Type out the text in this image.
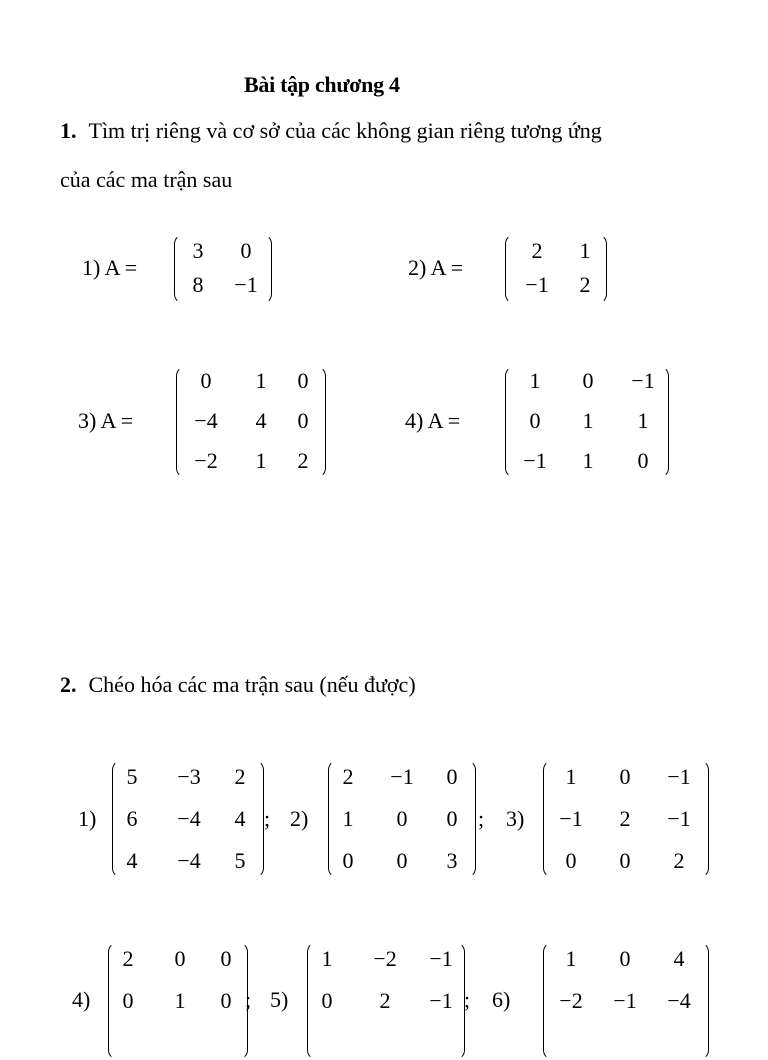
Bài tập chương 4
1. Tìm trị riêng và cơ sở của các không gian riêng tương ứng
của các ma trận sau
1) A =
3	0
8	−1
2) A =
2	1
−1	2
3) A =
0	1	0
−4	4	0
−2	1	2
4) A =
1	0	−1
0	1	1
−1	1	0
2. Chéo hóa các ma trận sau (nếu được)
1)
5	−3	2
6	−4	4
4	−4	5
; 2)
2	−1	0
1	0	0
0	0	3
; 3)
1	0	−1
−1	2	−1
0	0	2
4)
2	0	0
0	1	0 ; 5)
1	−2	−1
0	2	−1 ; 6)
1	0	4
−2	−1	−4
